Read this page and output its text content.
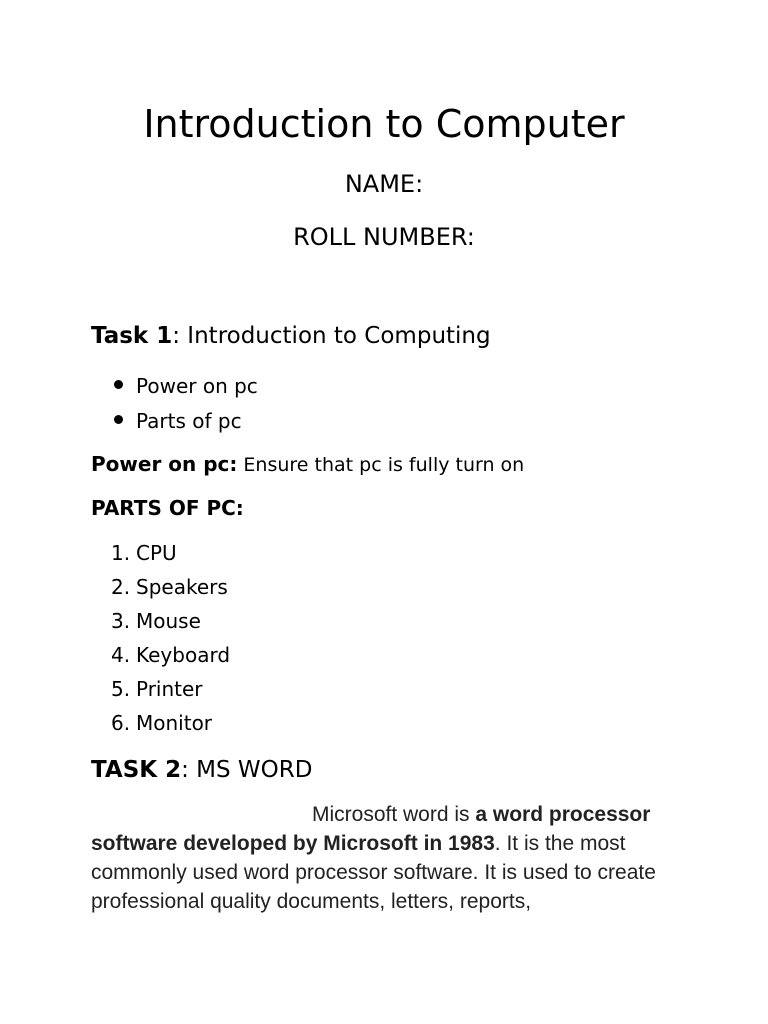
Introduction to Computer

NAME:

ROLL NUMBER:

Task 1: Introduction to Computing

Power on pc
Parts of pc

Power on pc: Ensure that pc is fully turn on

PARTS OF PC:

1. CPU
2. Speakers
3. Mouse
4. Keyboard
5. Printer
6. Monitor

TASK 2: MS WORD

Microsoft word is a word processor software developed by Microsoft in 1983. It is the most commonly used word processor software. It is used to create professional quality documents, letters, reports,
